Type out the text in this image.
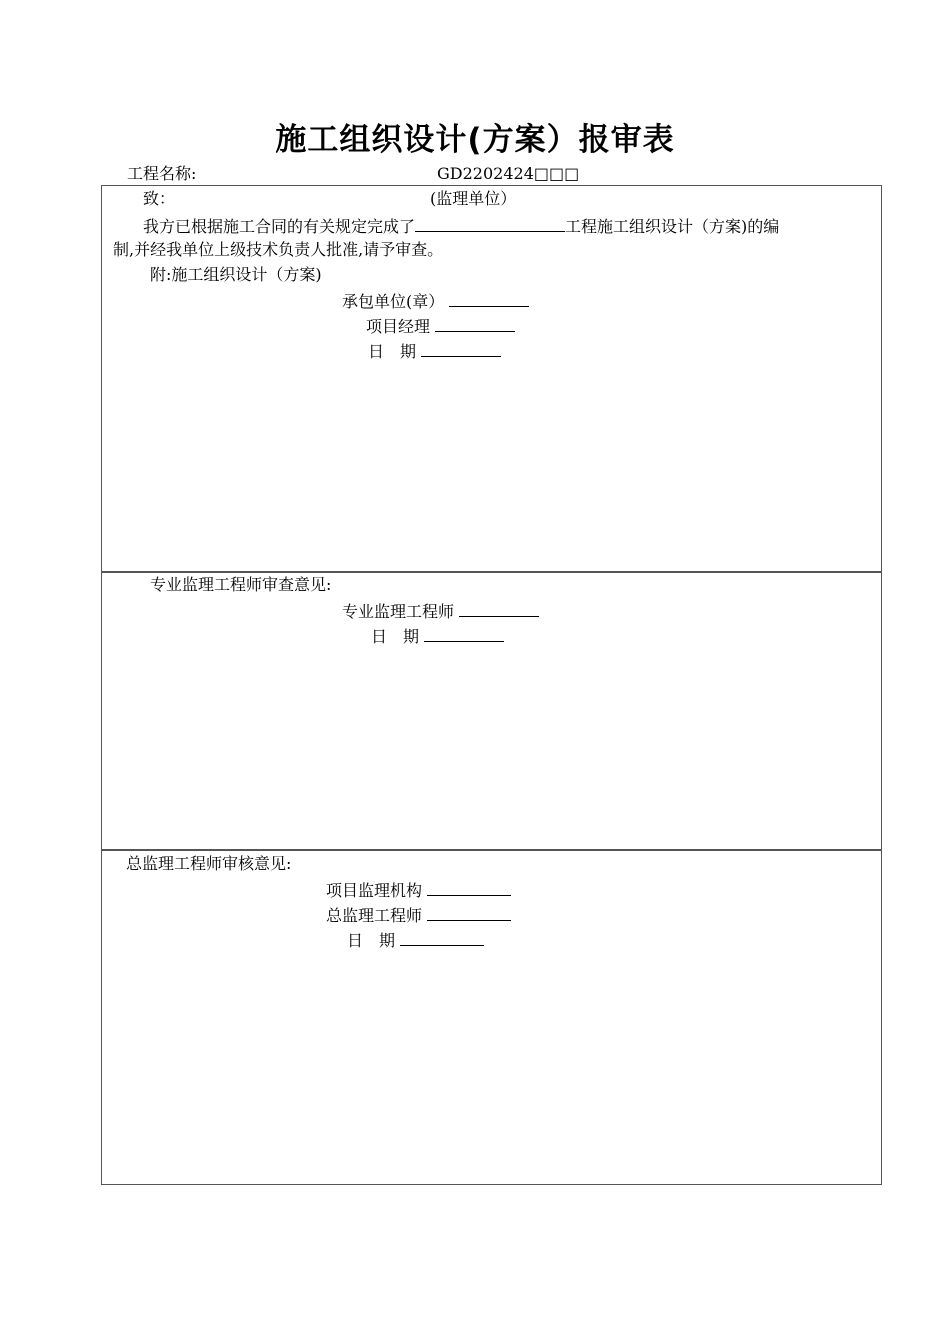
施工组织设计(方案）报审表
工程名称:	GD2202424□□□
致：	(监理单位）
我方已根据施工合同的有关规定完成了	工程施工组织设计（方案)的编
制,并经我单位上级技术负责人批准,请予审查。
附:施工组织设计（方案)
承包单位(章）
项目经理
日　期
专业监理工程师审查意见:
专业监理工程师
日　期
总监理工程师审核意见:
项目监理机构
总监理工程师
日　期
